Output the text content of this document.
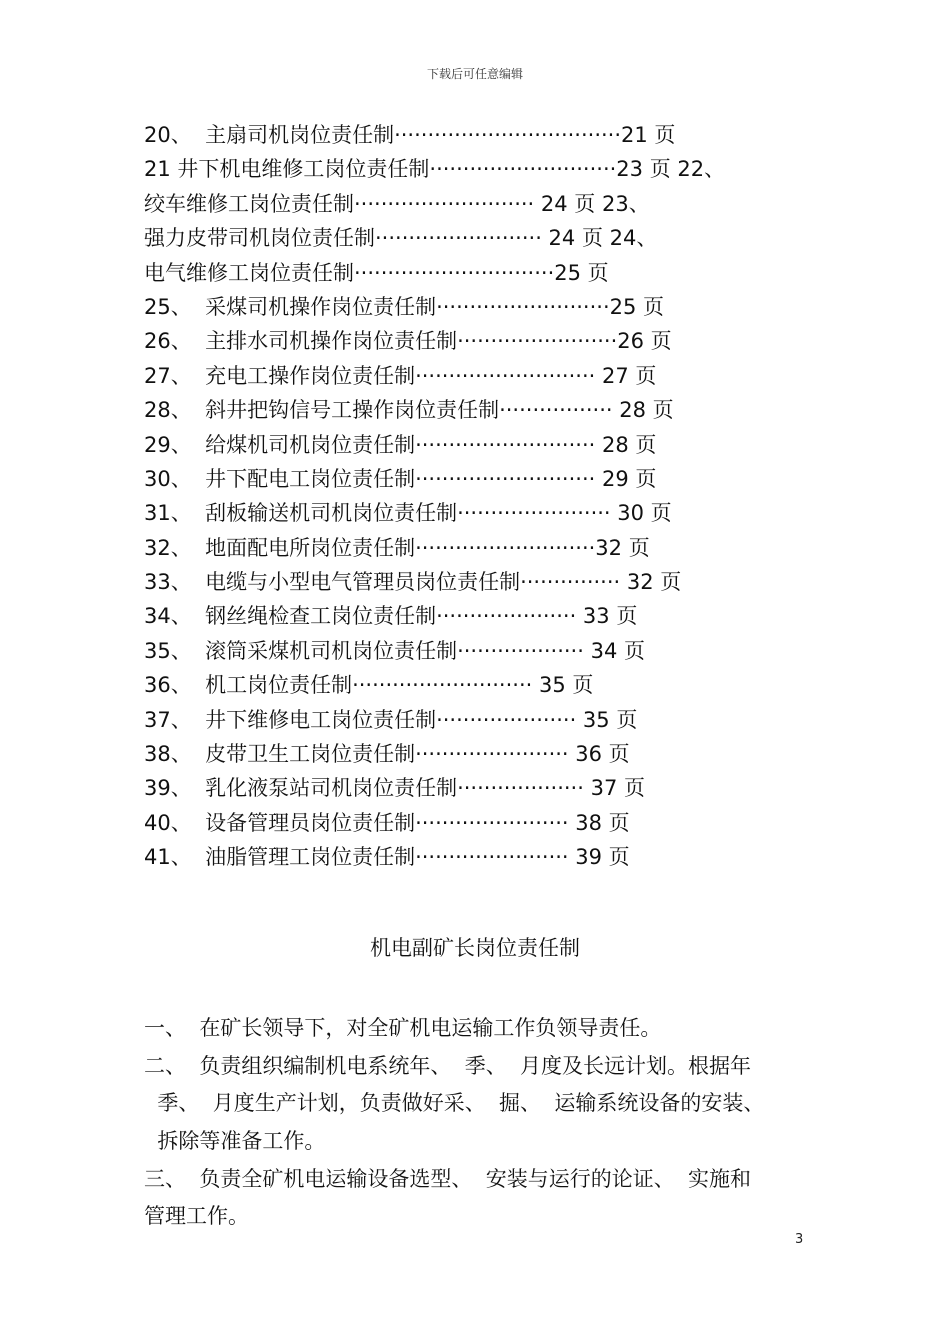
下载后可任意编辑
20、  主扇司机岗位责任制··································21 页
21 井下机电维修工岗位责任制····························23 页 22、
绞车维修工岗位责任制··························· 24 页 23、
强力皮带司机岗位责任制························· 24 页 24、
电气维修工岗位责任制······························25 页
25、  采煤司机操作岗位责任制··························25 页
26、  主排水司机操作岗位责任制························26 页
27、  充电工操作岗位责任制··························· 27 页
28、  斜井把钩信号工操作岗位责任制················· 28 页
29、  给煤机司机岗位责任制··························· 28 页
30、  井下配电工岗位责任制··························· 29 页
31、  刮板输送机司机岗位责任制······················· 30 页
32、  地面配电所岗位责任制···························32 页
33、  电缆与小型电气管理员岗位责任制··············· 32 页
34、  钢丝绳检查工岗位责任制····················· 33 页
35、  滚筒采煤机司机岗位责任制··················· 34 页
36、  机工岗位责任制··························· 35 页
37、  井下维修电工岗位责任制····················· 35 页
38、  皮带卫生工岗位责任制······················· 36 页
39、  乳化液泵站司机岗位责任制··················· 37 页
40、  设备管理员岗位责任制······················· 38 页
41、  油脂管理工岗位责任制······················· 39 页
机电副矿长岗位责任制
一、  在矿长领导下，对全矿机电运输工作负领导责任。
二、  负责组织编制机电系统年、  季、  月度及长远计划。根据年
季、  月度生产计划，负责做好采、  掘、  运输系统设备的安装、
拆除等准备工作。
三、  负责全矿机电运输设备选型、  安装与运行的论证、  实施和
管理工作。
3
